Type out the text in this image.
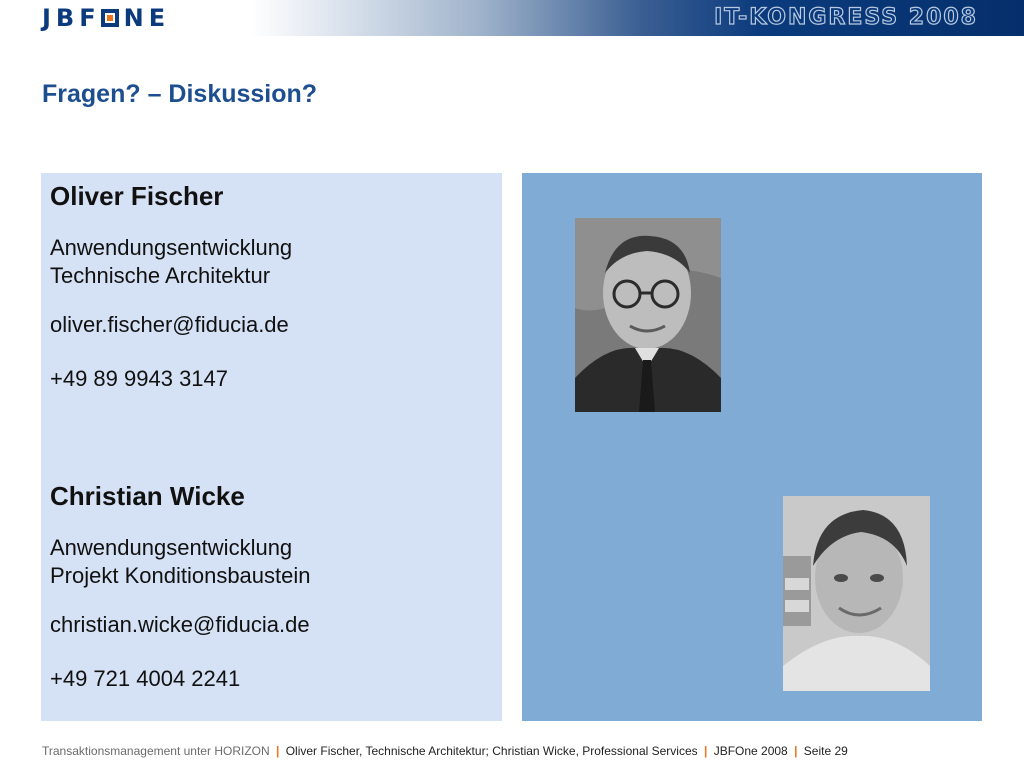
JBF NE	IT-KONGRESS 2008
Fragen? – Diskussion?
Oliver Fischer
Anwendungsentwicklung
Technische Architektur
oliver.fischer@fiducia.de
+49 89 9943 3147
Christian Wicke
Anwendungsentwicklung
Projekt Konditionsbaustein
christian.wicke@fiducia.de
+49 721 4004 2241
Transaktionsmanagement unter HORIZON | Oliver Fischer, Technische Architektur; Christian Wicke, Professional Services | JBFOne 2008 | Seite 29
